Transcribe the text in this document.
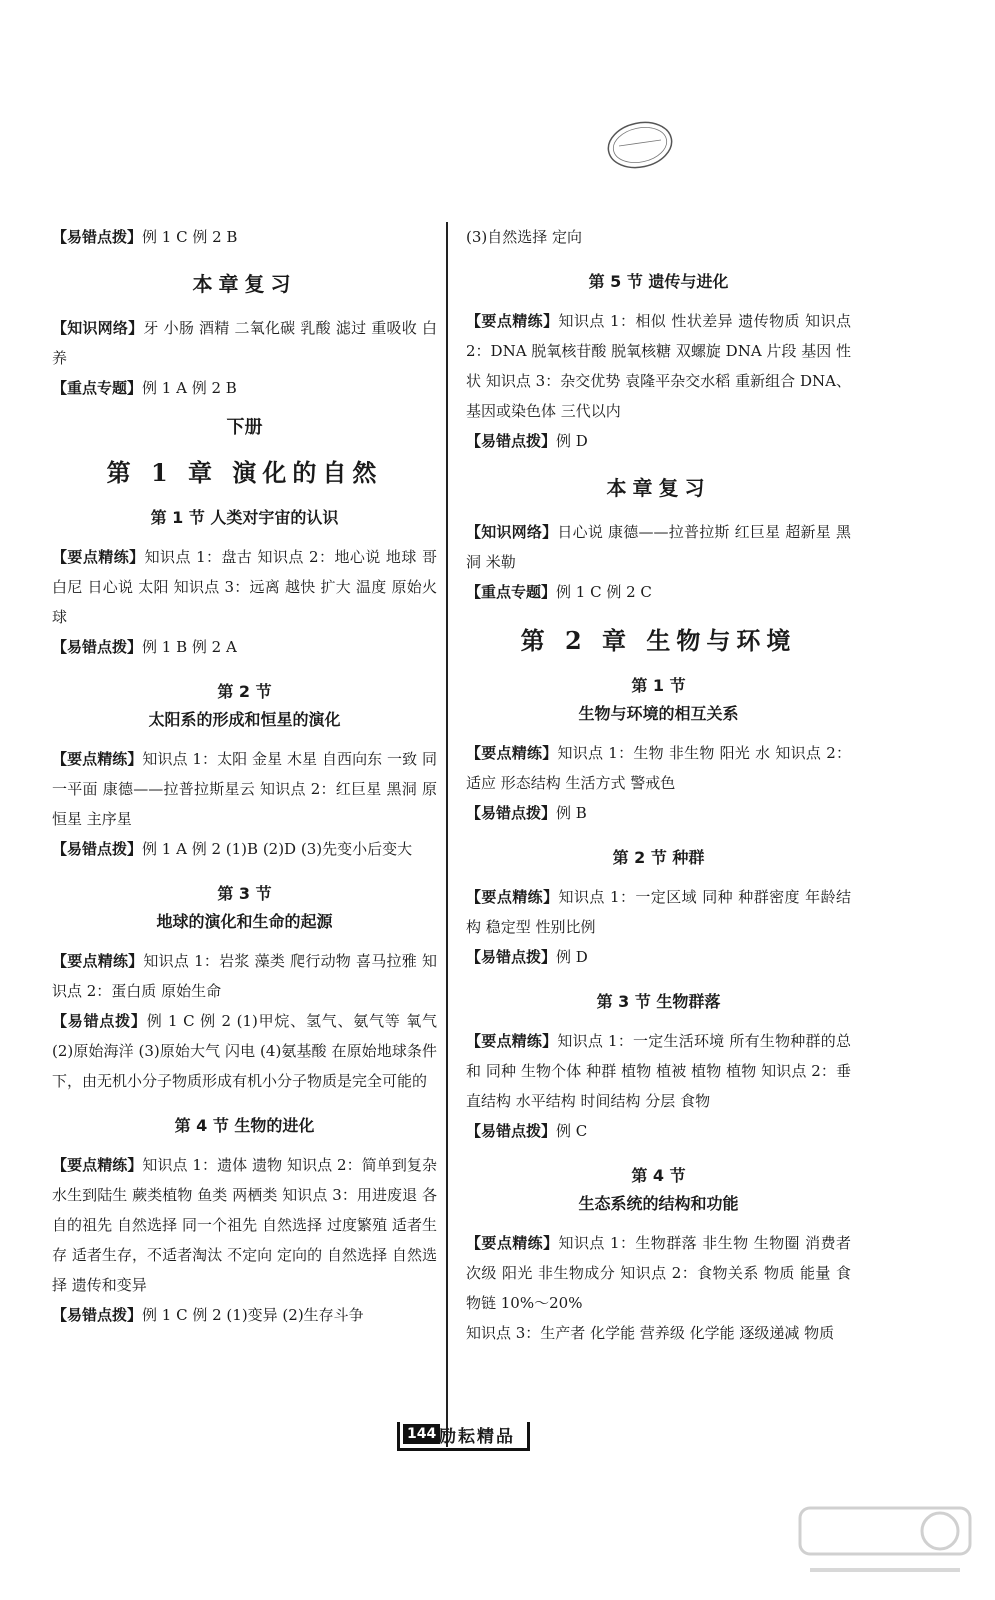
【易错点拨】例 1 C 例 2 B

本章复习

【知识网络】牙 小肠 酒精 二氧化碳 乳酸 滤过 重吸收 白养

【重点专题】例 1 A 例 2 B

下册
第 1 章 演化的自然
第 1 节 人类对宇宙的认识

【要点精练】知识点 1：盘古 知识点 2：地心说 地球 哥白尼 日心说 太阳 知识点 3：远离 越快 扩大 温度 原始火球

【易错点拨】例 1 B 例 2 A

第 2 节
太阳系的形成和恒星的演化

【要点精练】知识点 1：太阳 金星 木星 自西向东 一致 同一平面 康德——拉普拉斯星云 知识点 2：红巨星 黑洞 原恒星 主序星

【易错点拨】例 1 A 例 2 (1)B (2)D (3)先变小后变大

第 3 节
地球的演化和生命的起源

【要点精练】知识点 1：岩浆 藻类 爬行动物 喜马拉雅 知识点 2：蛋白质 原始生命

【易错点拨】例 1 C 例 2 (1)甲烷、氢气、氨气等 氧气 (2)原始海洋 (3)原始大气 闪电 (4)氨基酸 在原始地球条件下，由无机小分子物质形成有机小分子物质是完全可能的

第 4 节 生物的进化

【要点精练】知识点 1：遗体 遗物 知识点 2：简单到复杂 水生到陆生 蕨类植物 鱼类 两栖类 知识点 3：用进废退 各自的祖先 自然选择 同一个祖先 自然选择 过度繁殖 适者生存 适者生存，不适者淘汰 不定向 定向的 自然选择 自然选择 遗传和变异

【易错点拨】例 1 C 例 2 (1)变异 (2)生存斗争

(3)自然选择 定向

第 5 节 遗传与进化

【要点精练】知识点 1：相似 性状差异 遗传物质 知识点 2：DNA 脱氧核苷酸 脱氧核糖 双螺旋 DNA 片段 基因 性状 知识点 3：杂交优势 袁隆平杂交水稻 重新组合 DNA、基因或染色体 三代以内

【易错点拨】例 D

本章复习

【知识网络】日心说 康德——拉普拉斯 红巨星 超新星 黑洞 米勒

【重点专题】例 1 C 例 2 C

第 2 章 生物与环境
第 1 节
生物与环境的相互关系

【要点精练】知识点 1：生物 非生物 阳光 水 知识点 2：适应 形态结构 生活方式 警戒色

【易错点拨】例 B

第 2 节 种群

【要点精练】知识点 1：一定区域 同种 种群密度 年龄结构 稳定型 性别比例

【易错点拨】例 D

第 3 节 生物群落

【要点精练】知识点 1：一定生活环境 所有生物种群的总和 同种 生物个体 种群 植物 植被 植物 植物 知识点 2：垂直结构 水平结构 时间结构 分层 食物

【易错点拨】例 C

第 4 节
生态系统的结构和功能

【要点精练】知识点 1：生物群落 非生物 生物圈 消费者 次级 阳光 非生物成分 知识点 2：食物关系 物质 能量 食物链 10%～20%

知识点 3：生产者 化学能 营养级 化学能 逐级递减 物质

144 励耘精品
